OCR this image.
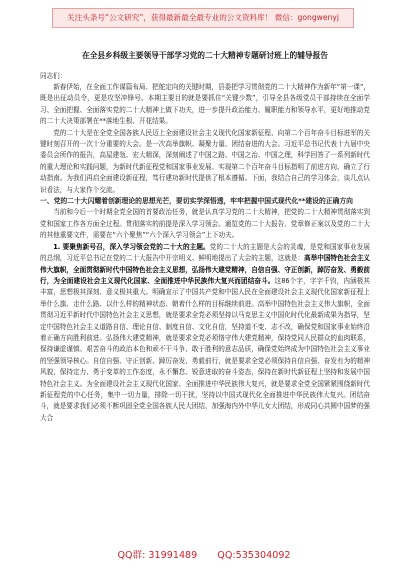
关注头条号“公文研究”，获得最新最全最专业的公文资料库！ 微信：gongwenyj
在全县乡科级主要领导干部学习党的二十大精神专题研讨班上的辅导报告

同志们：

新春伊始，在全面工作谋篇布局、把舵定向的关键时期，县委把学习贯彻党的二十大精神作为新年“第一课”，既是出征动员令，更是攻坚冲锋号。本期主要目的就是要抓住“关键少数”，引导全县各级党员干部持续在全面学习、全面把握、全面落实党的二十大精神上做下功夫，进一步提升政治能力、履职能力和领导水平，更好地推动党的二十大决策部署在**落地生根、开花结果。

党的二十大是在全党全国各族人民迈上全面建设社会主义现代化国家新征程、向第二个百年奋斗目标进军的关键时刻召开的一次十分重要的大会。是一次高举旗帜、凝聚力量、团结奋进的大会。习近平总书记代表十九届中央委员会所作的报告，高屋建瓴、宏大精深，深刻阐述了中国之路、中国之治、中国之理，科学回答了一系列新时代的重大理论和实践问题，为新时代新征程党和国家事业发展、实现第二个百年奋斗目标指明了前进方向、确立了行动指南。为我们再启全面建设新征程，笃行建功新时代提供了根本遵循。下面，我结合自己的学习体会，谈几点认识看法，与大家作个交流。

一、党的二十大闪耀着创新理论的思想光芒，要切实学深悟透，牢牢把握中国式现代化**建设的正确方向

当前和今后一个时期全党全国的首要政治任务，就是认真学习党的二十大精神，把党的二十大精神贯彻落实到党和国家工作各方面全过程。贯彻落实的前提是深入学习领会。通览党的二十大报告、党章修正案以及党的二十大的其他重要文件，需要在“六个聚焦”“六个深入学习领会”上下功夫。

1. 要聚焦新号召，深入学习领会党的二十大的主题。党的二十大的主题是大会的灵魂，是党和国家事业发展的总纲，习近平总书记在党的二十大报告中开宗明义、鲜明地提出了大会的主题，这就是：高举中国特色社会主义伟大旗帜，全面贯彻新时代中国特色社会主义思想，弘扬伟大建党精神，自信自强、守正创新，踔厉奋发、勇毅前行，为全面建设社会主义现代化国家、全面推进中华民族伟大复兴而团结奋斗。这86个字，字字千钧，内涵极其丰富，思想极其深刻、意义极其重大。明确宣示了中国共产党和中国人民在全面建设社会主义现代化国家新征程上举什么旗、走什么路、以什么样的精神状态、朝着什么样的目标继续前进。高举中国特色社会主义伟大旗帜，全面贯彻习近平新时代中国特色社会主义思想，就是要求全党必须坚持以马克思主义中国化时代化最新成果为指导，坚定中国特色社会主义道路自信、理论自信、制度自信、文化自信，坚持道不变、志不改，确保党和国家事业始终沿着正确方向胜利前进。弘扬伟大建党精神，就是要求全党必须恪守伟大建党精神，保持党同人民群众的血肉联系，保持谦虚谨慎、艰苦奋斗的政治本色和顽不干斗争、敢于胜利的意志品质，确保党始终成为中国特色社会主义事业的坚强领导核心。自信自强、守正创新、踔厉奋发、勇毅前行，就是要求全党必须保持自信自强、奋发有为的精神风貌，保持定力、勇于变革的工作态度，永不懈怠、锐意进取的奋斗姿态，保持在新时代新征程上坚持和发展中国特色社会主义。为全面建设社会主义现代化国家、全面推进中华民族伟大复兴，就是要求全党全国紧紧围绕新时代新征程党的中心任务，集中一切力量，排除一切干扰，坚持以中国式现代化全面推进中华民族伟大复兴。团结奋斗，就是要求我们必须不断巩固全党全国各族人民大团结，加强海内外中华儿女大团结，形成同心共圆中国梦的强大合

QQ群: 31991489 QQ:535304092
